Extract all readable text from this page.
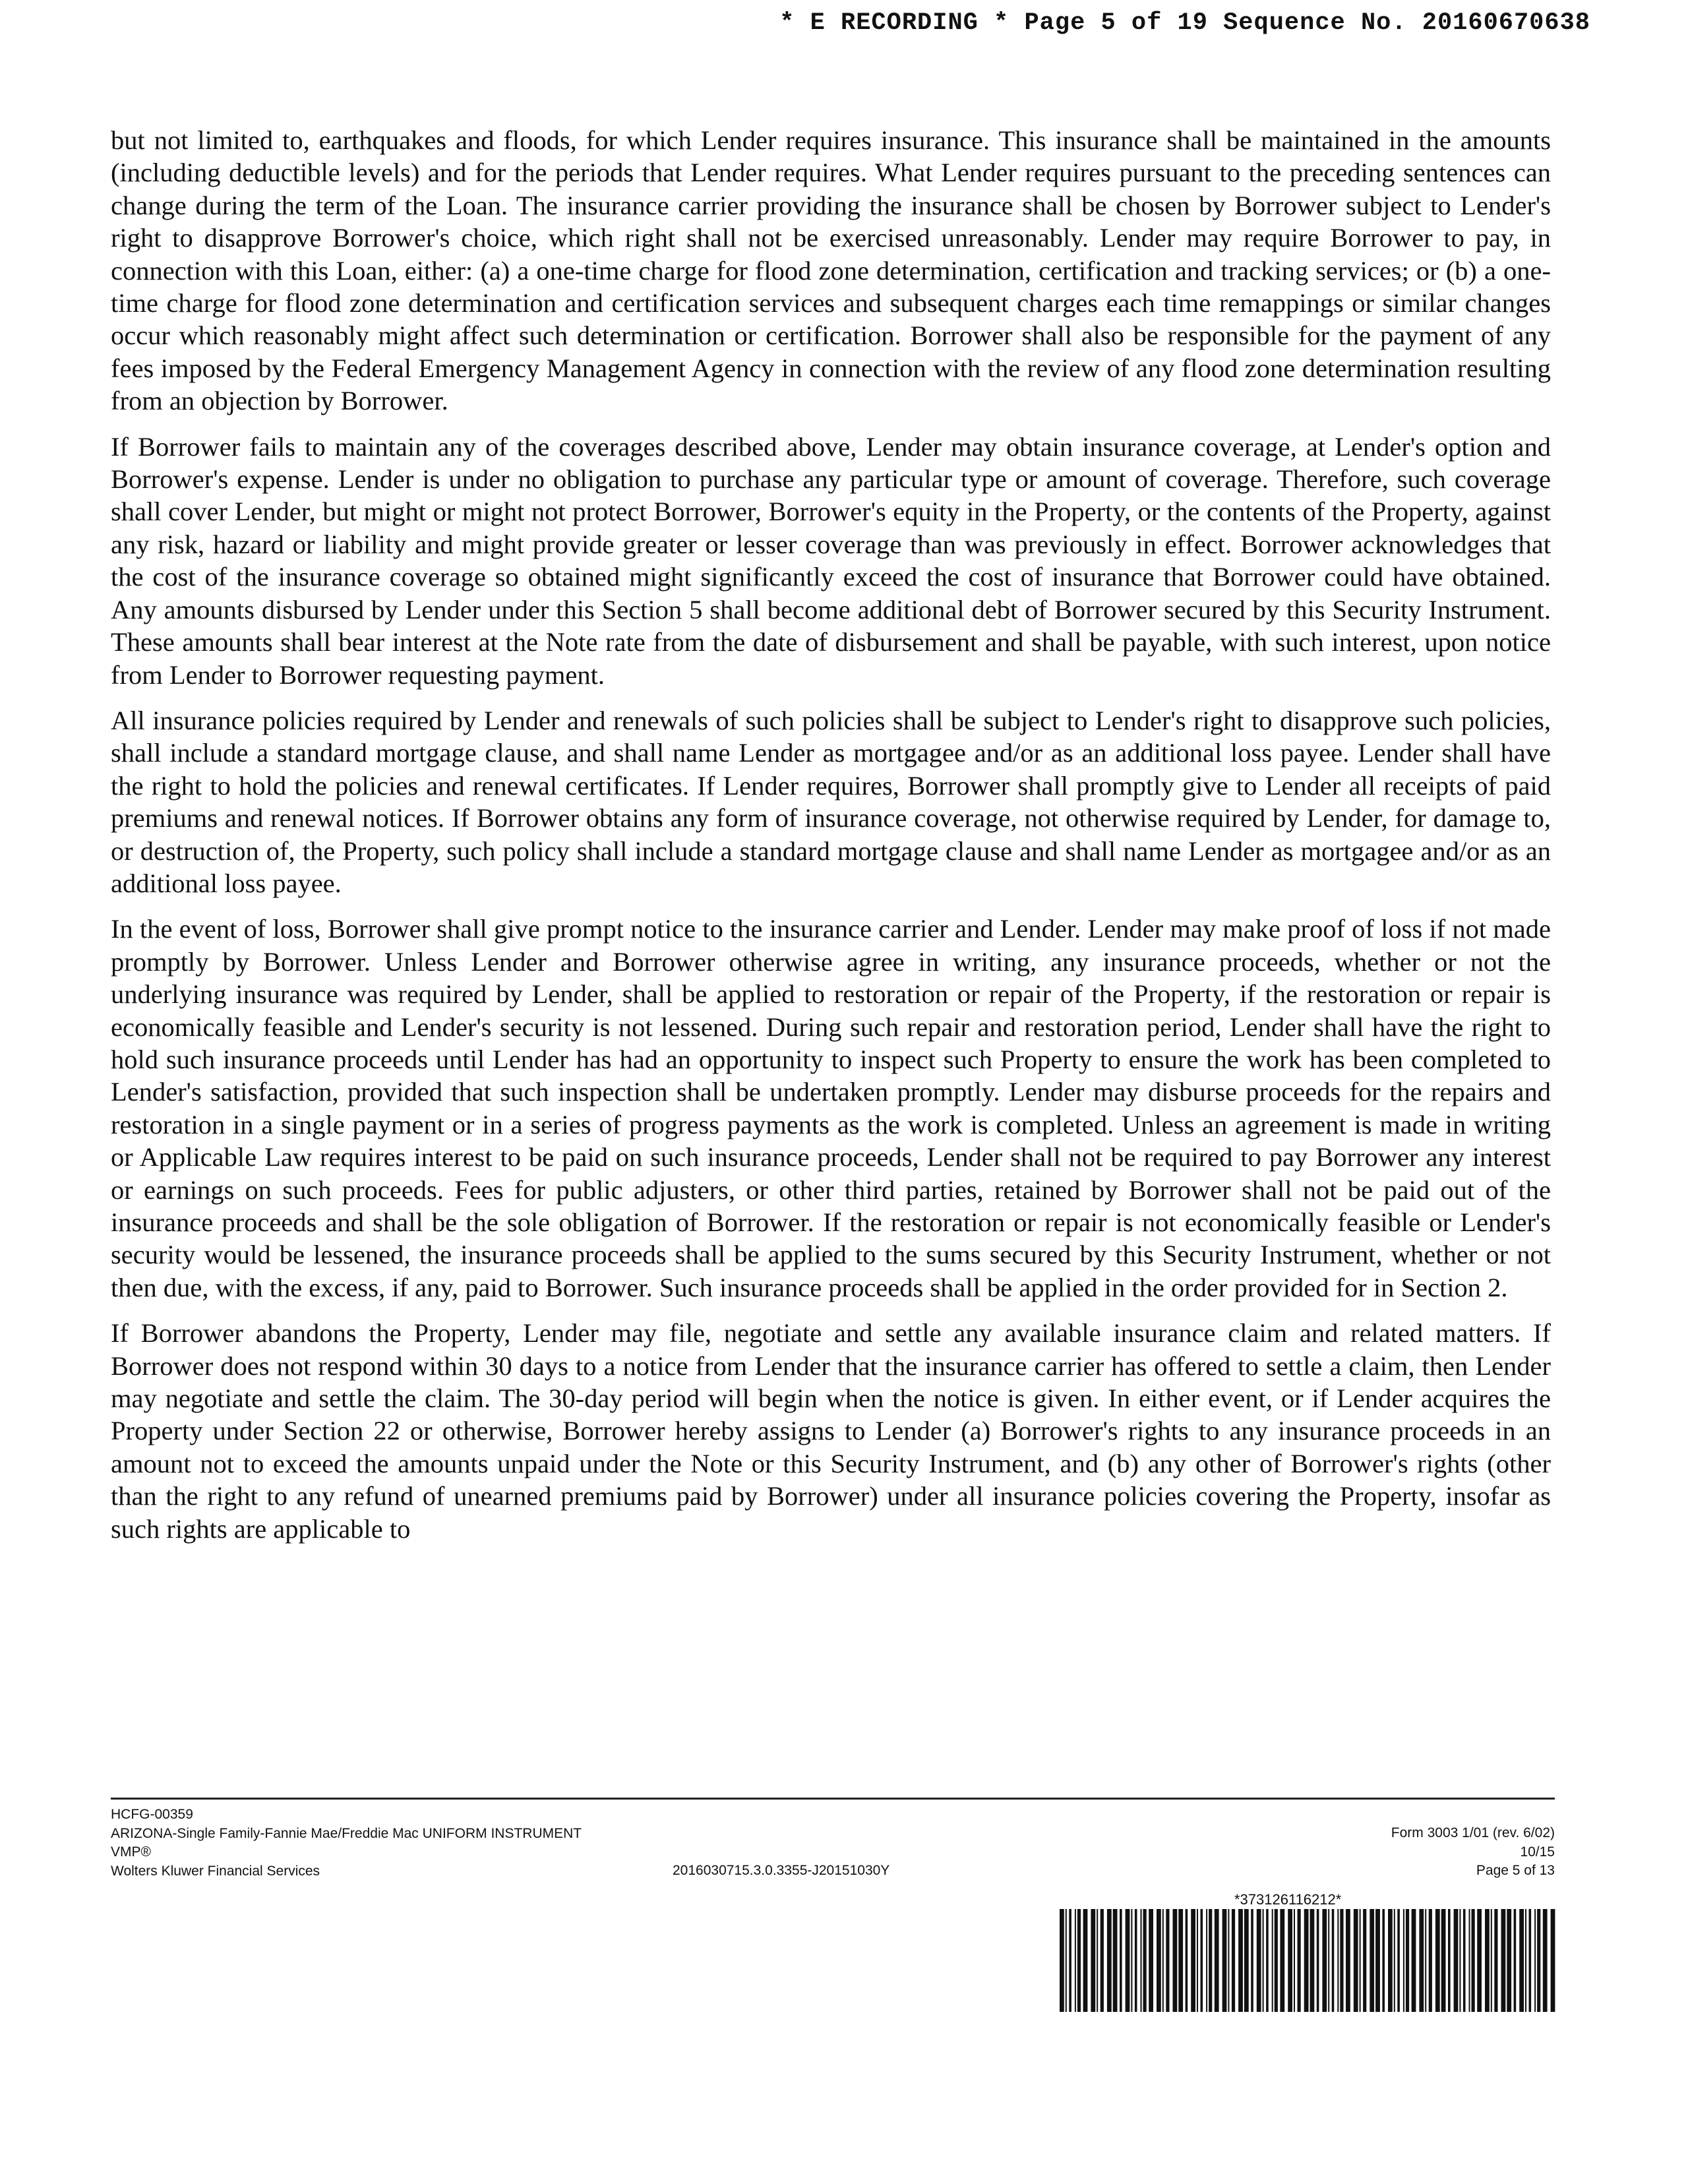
* E RECORDING * Page 5 of 19 Sequence No. 20160670638

but not limited to, earthquakes and floods, for which Lender requires insurance. This insurance shall be maintained in the amounts (including deductible levels) and for the periods that Lender requires. What Lender requires pursuant to the preceding sentences can change during the term of the Loan. The insurance carrier providing the insurance shall be chosen by Borrower subject to Lender's right to disapprove Borrower's choice, which right shall not be exercised unreasonably. Lender may require Borrower to pay, in connection with this Loan, either: (a) a one-time charge for flood zone determination, certification and tracking services; or (b) a one-time charge for flood zone determination and certification services and subsequent charges each time remappings or similar changes occur which reasonably might affect such determination or certification. Borrower shall also be responsible for the payment of any fees imposed by the Federal Emergency Management Agency in connection with the review of any flood zone determination resulting from an objection by Borrower.

If Borrower fails to maintain any of the coverages described above, Lender may obtain insurance coverage, at Lender's option and Borrower's expense. Lender is under no obligation to purchase any particular type or amount of coverage. Therefore, such coverage shall cover Lender, but might or might not protect Borrower, Borrower's equity in the Property, or the contents of the Property, against any risk, hazard or liability and might provide greater or lesser coverage than was previously in effect. Borrower acknowledges that the cost of the insurance coverage so obtained might significantly exceed the cost of insurance that Borrower could have obtained. Any amounts disbursed by Lender under this Section 5 shall become additional debt of Borrower secured by this Security Instrument. These amounts shall bear interest at the Note rate from the date of disbursement and shall be payable, with such interest, upon notice from Lender to Borrower requesting payment.

All insurance policies required by Lender and renewals of such policies shall be subject to Lender's right to disapprove such policies, shall include a standard mortgage clause, and shall name Lender as mortgagee and/or as an additional loss payee. Lender shall have the right to hold the policies and renewal certificates. If Lender requires, Borrower shall promptly give to Lender all receipts of paid premiums and renewal notices. If Borrower obtains any form of insurance coverage, not otherwise required by Lender, for damage to, or destruction of, the Property, such policy shall include a standard mortgage clause and shall name Lender as mortgagee and/or as an additional loss payee.

In the event of loss, Borrower shall give prompt notice to the insurance carrier and Lender. Lender may make proof of loss if not made promptly by Borrower. Unless Lender and Borrower otherwise agree in writing, any insurance proceeds, whether or not the underlying insurance was required by Lender, shall be applied to restoration or repair of the Property, if the restoration or repair is economically feasible and Lender's security is not lessened. During such repair and restoration period, Lender shall have the right to hold such insurance proceeds until Lender has had an opportunity to inspect such Property to ensure the work has been completed to Lender's satisfaction, provided that such inspection shall be undertaken promptly. Lender may disburse proceeds for the repairs and restoration in a single payment or in a series of progress payments as the work is completed. Unless an agreement is made in writing or Applicable Law requires interest to be paid on such insurance proceeds, Lender shall not be required to pay Borrower any interest or earnings on such proceeds. Fees for public adjusters, or other third parties, retained by Borrower shall not be paid out of the insurance proceeds and shall be the sole obligation of Borrower. If the restoration or repair is not economically feasible or Lender's security would be lessened, the insurance proceeds shall be applied to the sums secured by this Security Instrument, whether or not then due, with the excess, if any, paid to Borrower. Such insurance proceeds shall be applied in the order provided for in Section 2.

If Borrower abandons the Property, Lender may file, negotiate and settle any available insurance claim and related matters. If Borrower does not respond within 30 days to a notice from Lender that the insurance carrier has offered to settle a claim, then Lender may negotiate and settle the claim. The 30-day period will begin when the notice is given. In either event, or if Lender acquires the Property under Section 22 or otherwise, Borrower hereby assigns to Lender (a) Borrower's rights to any insurance proceeds in an amount not to exceed the amounts unpaid under the Note or this Security Instrument, and (b) any other of Borrower's rights (other than the right to any refund of unearned premiums paid by Borrower) under all insurance policies covering the Property, insofar as such rights are applicable to

HCFG-00359
ARIZONA-Single Family-Fannie Mae/Freddie Mac UNIFORM INSTRUMENT
VMP®
Wolters Kluwer Financial Services	2016030715.3.0.3355-J20151030Y
Form 3003 1/01 (rev. 6/02)
10/15
Page 5 of 13
*373126116212*
